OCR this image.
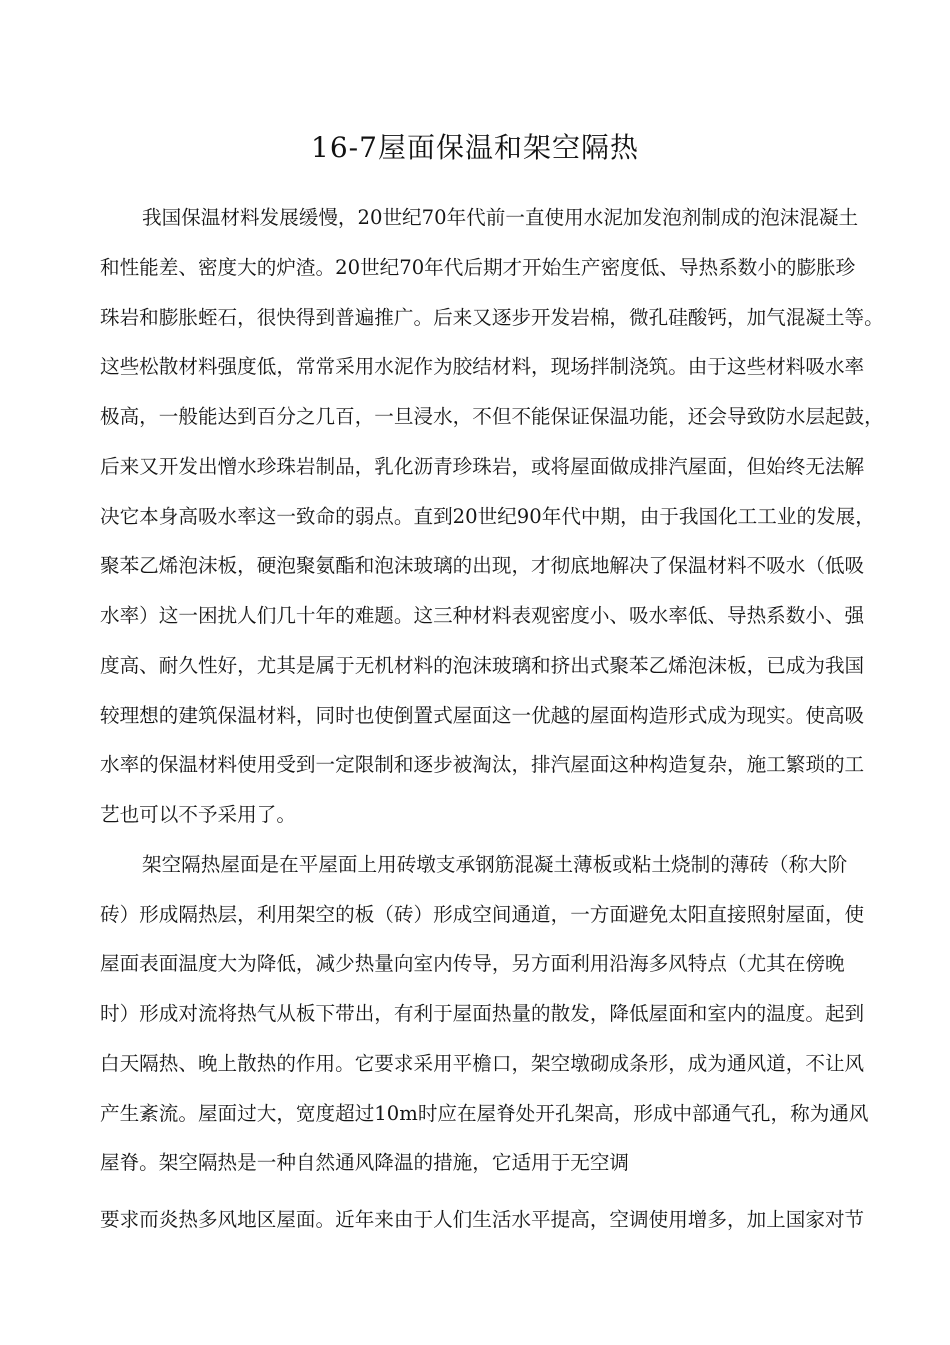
16-7屋面保温和架空隔热
我国保温材料发展缓慢，20世纪70年代前一直使用水泥加发泡剂制成的泡沫混凝土
和性能差、密度大的炉渣。20世纪70年代后期才开始生产密度低、导热系数小的膨胀珍
珠岩和膨胀蛭石，很快得到普遍推广。后来又逐步开发岩棉，微孔硅酸钙，加气混凝土等。
这些松散材料强度低，常常采用水泥作为胶结材料，现场拌制浇筑。由于这些材料吸水率
极高，一般能达到百分之几百，一旦浸水，不但不能保证保温功能，还会导致防水层起鼓，
后来又开发出憎水珍珠岩制品，乳化沥青珍珠岩，或将屋面做成排汽屋面，但始终无法解
决它本身高吸水率这一致命的弱点。直到20世纪90年代中期，由于我国化工工业的发展，
聚苯乙烯泡沫板，硬泡聚氨酯和泡沫玻璃的出现，才彻底地解决了保温材料不吸水（低吸
水率）这一困扰人们几十年的难题。这三种材料表观密度小、吸水率低、导热系数小、强
度高、耐久性好，尤其是属于无机材料的泡沫玻璃和挤出式聚苯乙烯泡沫板，已成为我国
较理想的建筑保温材料，同时也使倒置式屋面这一优越的屋面构造形式成为现实。使高吸
水率的保温材料使用受到一定限制和逐步被淘汰，排汽屋面这种构造复杂，施工繁琐的工
艺也可以不予采用了。
架空隔热屋面是在平屋面上用砖墩支承钢筋混凝土薄板或粘土烧制的薄砖（称大阶
砖）形成隔热层，利用架空的板（砖）形成空间通道，一方面避免太阳直接照射屋面，使
屋面表面温度大为降低，减少热量向室内传导，另方面利用沿海多风特点（尤其在傍晚
时）形成对流将热气从板下带出，有利于屋面热量的散发，降低屋面和室内的温度。起到
白天隔热、晚上散热的作用。它要求采用平檐口，架空墩砌成条形，成为通风道，不让风
产生紊流。屋面过大，宽度超过10m时应在屋脊处开孔架高，形成中部通气孔，称为通风
屋脊。架空隔热是一种自然通风降温的措施，它适用于无空调
要求而炎热多风地区屋面。近年来由于人们生活水平提高，空调使用增多，加上国家对节
